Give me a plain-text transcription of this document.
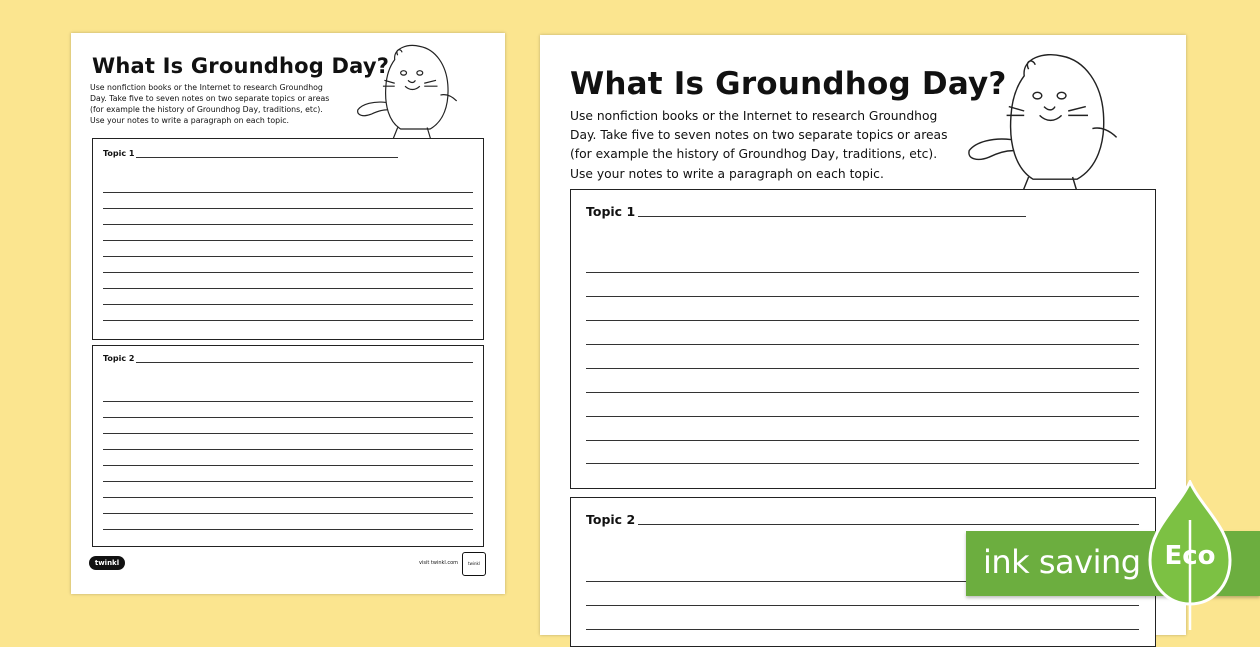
What Is Groundhog Day?
Use nonfiction books or the Internet to research Groundhog
Day. Take five to seven notes on two separate topics or areas
(for example the history of Groundhog Day, traditions, etc).
Use your notes to write a paragraph on each topic.
Topic 1
Topic 2
twinkl	visit twinkl.com	twinkl
What Is Groundhog Day?
Use nonfiction books or the Internet to research Groundhog
Day. Take five to seven notes on two separate topics or areas
(for example the history of Groundhog Day, traditions, etc).
Use your notes to write a paragraph on each topic.
Topic 1
Topic 2
ink saving Eco
